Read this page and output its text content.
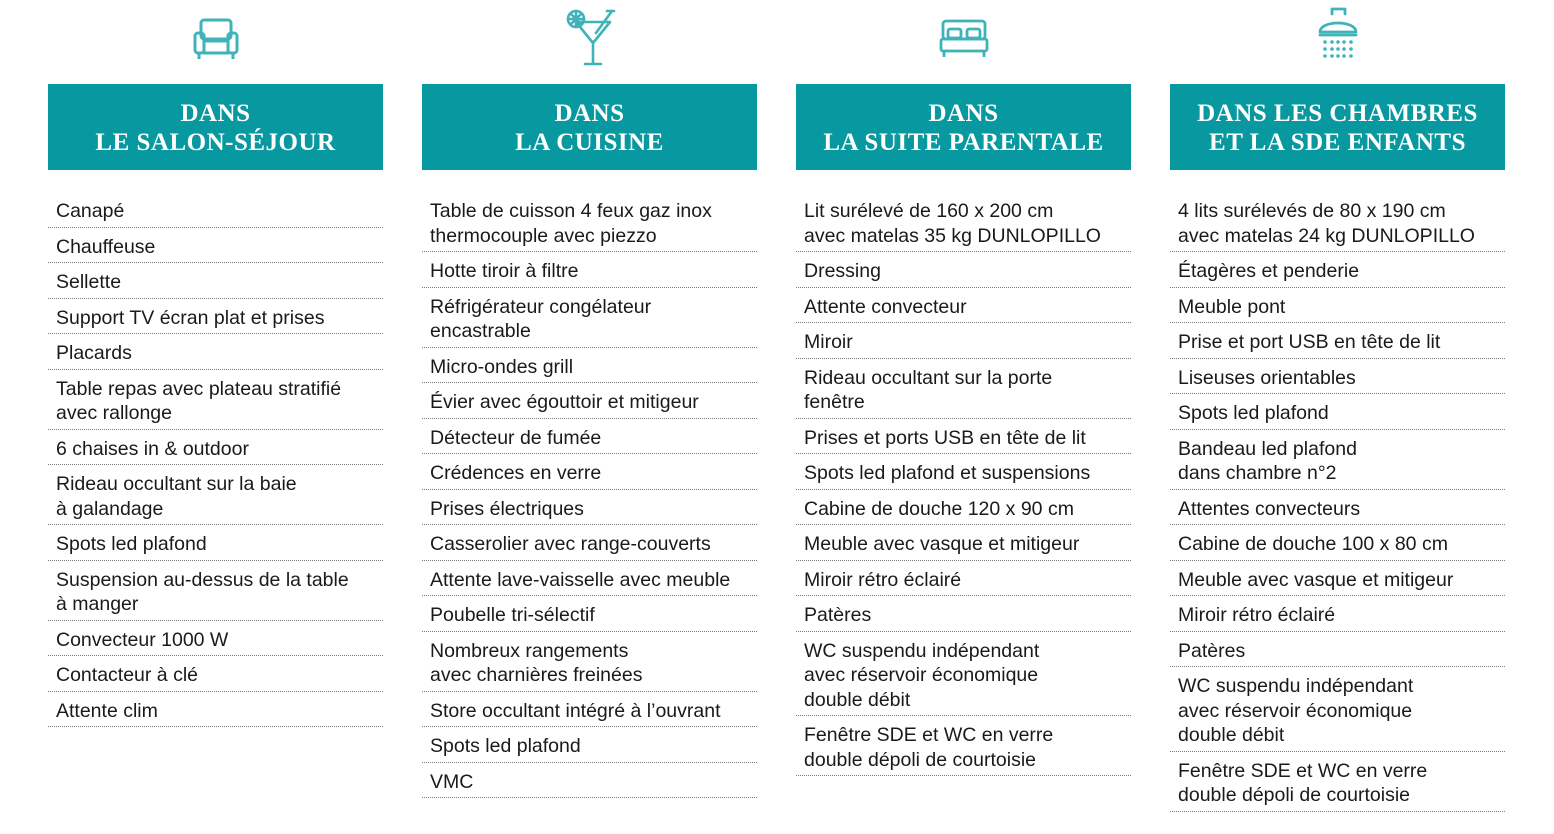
DANS
LE SALON-SÉJOUR
Canapé
Chauffeuse
Sellette
Support TV écran plat et prises
Placards
Table repas avec plateau stratifié
avec rallonge
6 chaises in & outdoor
Rideau occultant sur la baie
à galandage
Spots led plafond
Suspension au-dessus de la table
à manger
Convecteur 1000 W
Contacteur à clé
Attente clim
DANS
LA CUISINE
Table de cuisson 4 feux gaz inox
thermocouple avec piezzo
Hotte tiroir à filtre
Réfrigérateur congélateur
encastrable
Micro-ondes grill
Évier avec égouttoir et mitigeur
Détecteur de fumée
Crédences en verre
Prises électriques
Casserolier avec range-couverts
Attente lave-vaisselle avec meuble
Poubelle tri-sélectif
Nombreux rangements
avec charnières freinées
Store occultant intégré à l’ouvrant
Spots led plafond
VMC
DANS
LA SUITE PARENTALE
Lit surélevé de 160 x 200 cm
avec matelas 35 kg DUNLOPILLO
Dressing
Attente convecteur
Miroir
Rideau occultant sur la porte
fenêtre
Prises et ports USB en tête de lit
Spots led plafond et suspensions
Cabine de douche 120 x 90 cm
Meuble avec vasque et mitigeur
Miroir rétro éclairé
Patères
WC suspendu indépendant
avec réservoir économique
double débit
Fenêtre SDE et WC en verre
double dépoli de courtoisie
DANS LES CHAMBRES
ET LA SDE ENFANTS
4 lits surélevés de 80 x 190 cm
avec matelas 24 kg DUNLOPILLO
Étagères et penderie
Meuble pont
Prise et port USB en tête de lit
Liseuses orientables
Spots led plafond
Bandeau led plafond
dans chambre n°2
Attentes convecteurs
Cabine de douche 100 x 80 cm
Meuble avec vasque et mitigeur
Miroir rétro éclairé
Patères
WC suspendu indépendant
avec réservoir économique
double débit
Fenêtre SDE et WC en verre
double dépoli de courtoisie
